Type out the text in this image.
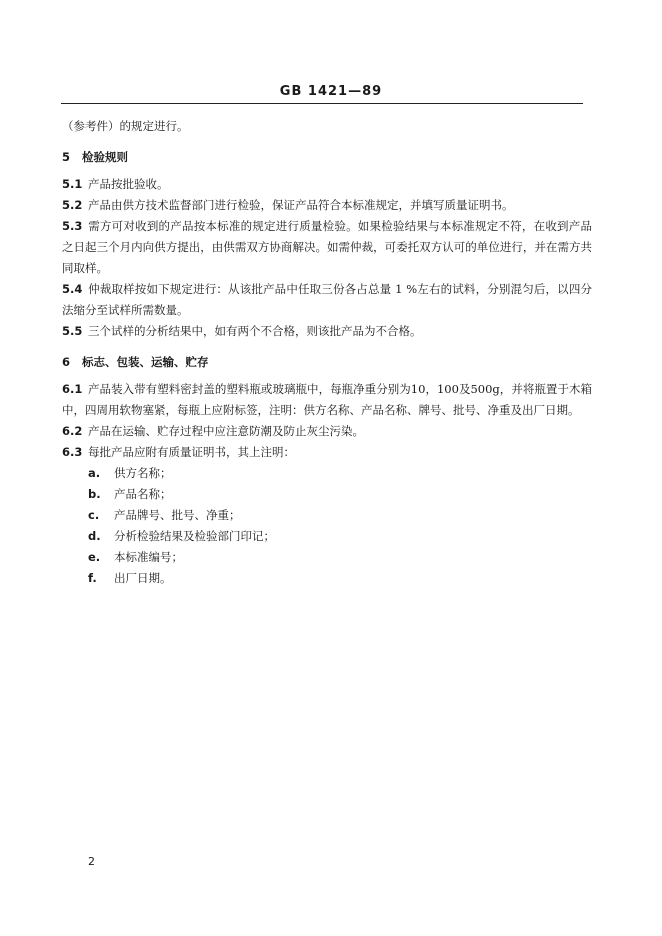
GB 1421—89

（参考件）的规定进行。

5 检验规则

5.1 产品按批验收。

5.2 产品由供方技术监督部门进行检验，保证产品符合本标准规定，并填写质量证明书。

5.3 需方可对收到的产品按本标准的规定进行质量检验。如果检验结果与本标准规定不符，在收到产品之日起三个月内向供方提出，由供需双方协商解决。如需仲裁，可委托双方认可的单位进行，并在需方共同取样。

5.4 仲裁取样按如下规定进行：从该批产品中任取三份各占总量 1 %左右的试料，分别混匀后，以四分法缩分至试样所需数量。

5.5 三个试样的分析结果中，如有两个不合格，则该批产品为不合格。

6 标志、包装、运输、贮存

6.1 产品装入带有塑料密封盖的塑料瓶或玻璃瓶中，每瓶净重分别为10，100及500g，并将瓶置于木箱中，四周用软物塞紧，每瓶上应附标签，注明：供方名称、产品名称、牌号、批号、净重及出厂日期。

6.2 产品在运输、贮存过程中应注意防潮及防止灰尘污染。

6.3 每批产品应附有质量证明书，其上注明：

a. 供方名称；

b. 产品名称；

c. 产品牌号、批号、净重；

d. 分析检验结果及检验部门印记；

e. 本标准编号；

f. 出厂日期。

2
